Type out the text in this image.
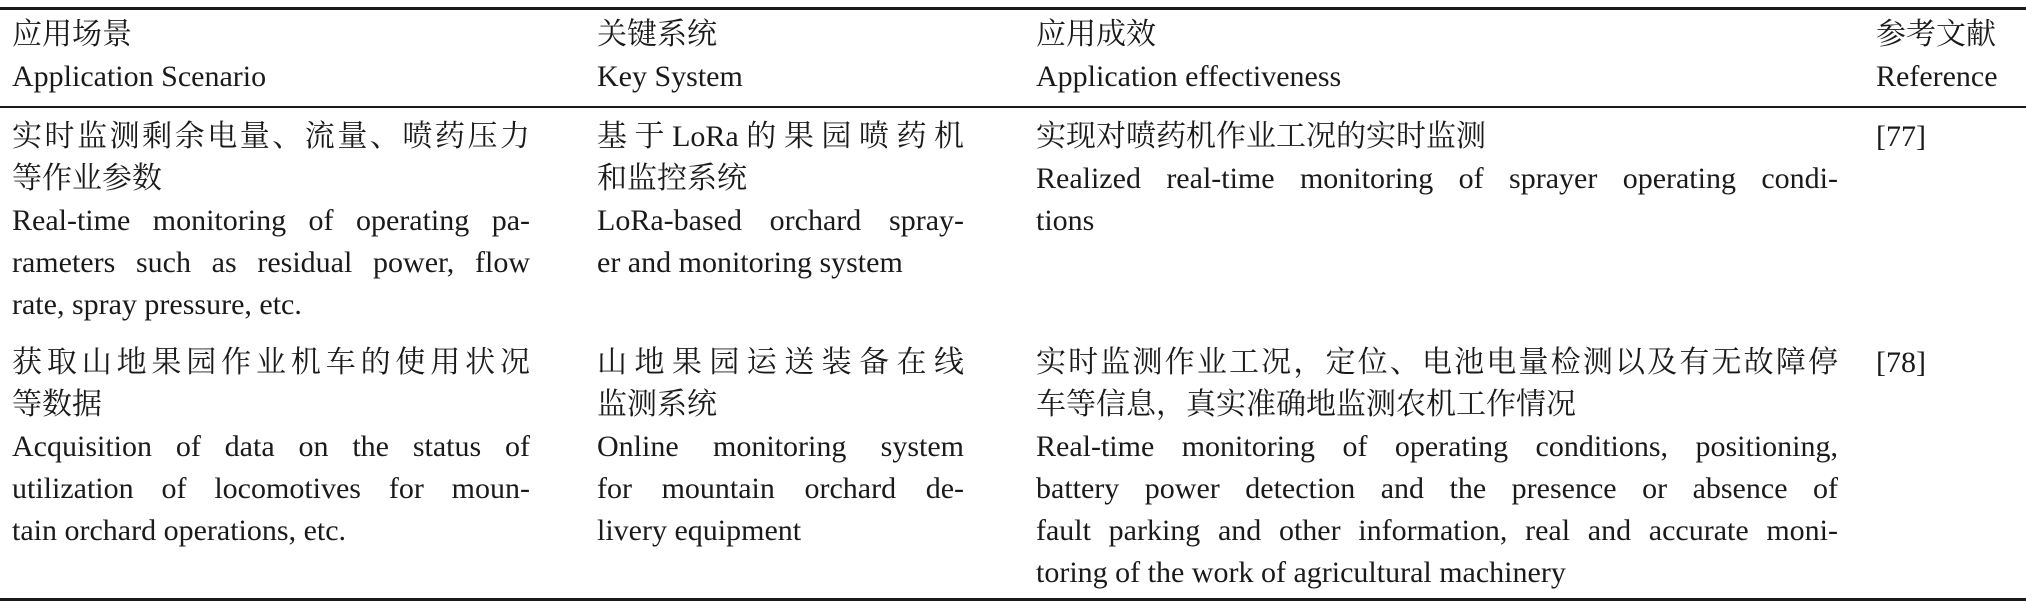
应用场景
Application Scenario
关键系统
Key System
应用成效
Application effectiveness
参考文献
Reference
实时监测剩余电量、流量、喷药压力
等作业参数
Real-time monitoring of operating pa-
rameters such as residual power, flow
rate, spray pressure, etc.
基于LoRa的果园喷药机
和监控系统
LoRa-based orchard spray-
er and monitoring system
实现对喷药机作业工况的实时监测
Realized real-time monitoring of sprayer operating condi-
tions
[77]
获取山地果园作业机车的使用状况
等数据
Acquisition of data on the status of
utilization of locomotives for moun-
tain orchard operations, etc.
山地果园运送装备在线
监测系统
Online monitoring system
for mountain orchard de-
livery equipment
实时监测作业工况，定位、电池电量检测以及有无故障停
车等信息，真实准确地监测农机工作情况
Real-time monitoring of operating conditions, positioning,
battery power detection and the presence or absence of
fault parking and other information, real and accurate moni-
toring of the work of agricultural machinery
[78]
